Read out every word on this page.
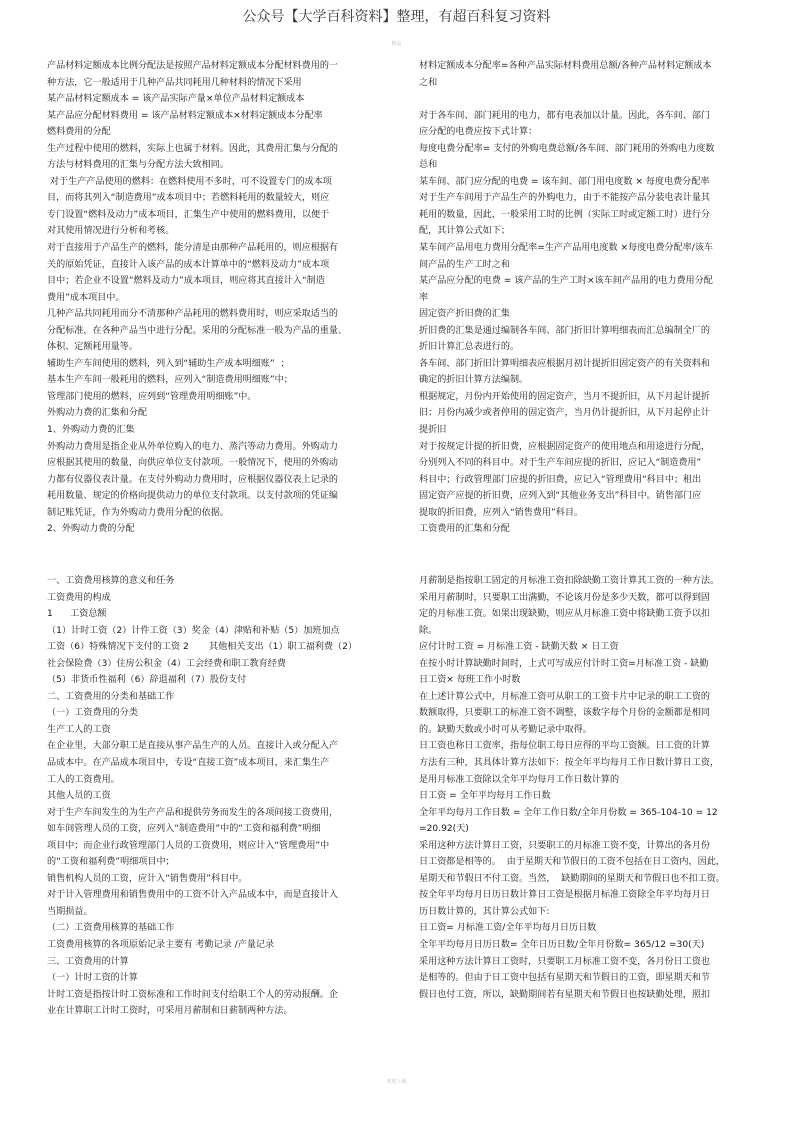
公众号【大学百科资料】整理，有超百科复习资料
精品
产品材料定额成本比例分配法是按照产品材料定额成本分配材料费用的一
种方法，它一般适用于几种产品共同耗用几种材料的情况下采用
某产品材料定额成本 = 该产品实际产量×单位产品材料定额成本
某产品应分配材料费用 = 该产品材料定额成本×材料定额成本分配率
燃料费用的分配
生产过程中使用的燃料，实际上也属于材料。因此，其费用汇集与分配的
方法与材料费用的汇集与分配方法大致相同。
对于生产产品使用的燃料：在燃料使用不多时，可不设置专门的成本项
目，而将其列入“制造费用”成本项目中；若燃料耗用的数量较大，则应
专门设置“燃料及动力”成本项目，汇集生产中使用的燃料费用，以便于
对其使用情况进行分析和考核。
对于直接用于产品生产的燃料，能分清是由那种产品耗用的，则应根据有
关的原始凭证，直接计入该产品的成本计算单中的“燃料及动力”成本项
目中；若企业不设置“燃料及动力”成本项目，则应将其直接计入“制造
费用”成本项目中。
几种产品共同耗用而分不清那种产品耗用的燃料费用时，则应采取适当的
分配标准，在各种产品当中进行分配。采用的分配标准一般为产品的重量、
体积、定额耗用量等。
辅助生产车间使用的燃料，列入到“辅助生产成本明细账”  ；
基本生产车间一般耗用的燃料，应列入“制造费用明细账”中；
管理部门使用的燃料，应列到“管理费用明细账”中。
外购动力费的汇集和分配
1、外购动力费的汇集
外购动力费用是指企业从外单位购入的电力、蒸汽等动力费用。外购动力
应根据其使用的数量，向供应单位支付款项。一般情况下，使用的外购动
力都有仪器仪表计量。在支付外购动力费用时，应根据仪器仪表上记录的
耗用数量、规定的价格向提供动力的单位支付款项。以支付款项的凭证编
制记账凭证，作为外购动力费用分配的依据。
2、外购动力费的分配
材料定额成本分配率=各种产品实际材料费用总额/各种产品材料定额成本
之和
对于各车间、部门耗用的电力，都有电表加以计量。因此，各车间、部门
应分配的电费应按下式计算：
每度电费分配率= 支付的外购电费总额/各车间、部门耗用的外购电力度数
总和
某车间、部门应分配的电费 = 该车间、部门用电度数 × 每度电费分配率
对于生产车间用于产品生产的外购电力，由于不能按产品分装电表计量其
耗用的数量，因此，一般采用工时的比例（实际工时或定额工时）进行分
配，其计算公式如下；
某车间产品用电力费用分配率=生产产品用电度数 ×每度电费分配率/该车
间产品的生产工时之和
某产品应分配的电费 = 该产品的生产工时×该车间产品用的电力费用分配
率
固定资产折旧费的汇集
折旧费的汇集是通过编制各车间、部门折旧计算明细表而汇总编制全厂的
折旧计算汇总表进行的。
各车间、部门折旧计算明细表应根据月初计提折旧固定资产的有关资料和
确定的折旧计算方法编制。
根据规定，月份内开始使用的固定资产，当月不提折旧，从下月起计提折
旧；月份内减少或者停用的固定资产，当月仍计提折旧，从下月起停止计
提折旧
对于按规定计提的折旧费，应根据固定资产的使用地点和用途进行分配，
分别列入不同的科目中。对于生产车间应提的折旧，应记入“制造费用”
科目中；行政管理部门应提的折旧费，应记入“管理费用“科目中；租出
固定资产应提的折旧费，应列入到“其他业务支出”科目中。销售部门应
提取的折旧费，应列入“销售费用”科目。
工资费用的汇集和分配
一、工资费用核算的意义和任务
工资费用的构成
1      工资总额
（1）计时工资（2）计件工资（3）奖金（4）津贴和补贴（5）加班加点
工资（6）特殊情况下支付的工资 2       其他相关支出（1）职工福利费（2）
社会保险费（3）住房公积金（4）工会经费和职工教育经费
（5）非货币性福利（6）辞退福利（7）股份支付
二、工资费用的分类和基础工作
（一）工资费用的分类
生产工人的工资
在企业里，大部分职工是直接从事产品生产的人员。直接计入或分配入产
品成本中。在产品成本项目中，专设“直接工资”成本项目，来汇集生产
工人的工资费用。
其他人员的工资
对于生产车间发生的为生产产品和提供劳务而发生的各项间接工资费用，
如车间管理人员的工资，应列入“制造费用”中的“工资和福利费”明细
项目中；而企业行政管理部门人员的工资费用，则应计入“管理费用”中
的“工资和福利费”明细项目中；
销售机构人员的工资，应计入“销售费用”科目中。
对于计入管理费用和销售费用中的工资不计入产品成本中，而是直接计入
当期损益。
（二）工资费用核算的基础工作
工资费用核算的各项原始记录主要有 考勤记录 /产量记录
三、工资费用的计算
（一）计时工资的计算
计时工资是指按计时工资标准和工作时间支付给职工个人的劳动报酬。企
业在计算职工计时工资时，可采用月薪制和日薪制两种方法。
月薪制是指按职工固定的月标准工资扣除缺勤工资计算其工资的一种方法。
采用月薪制时，只要职工出满勤，不论该月份是多少天数，都可以得到固
定的月标准工资。如果出现缺勤，则应从月标准工资中将缺勤工资予以扣
除。
应付计时工资 = 月标准工资 - 缺勤天数 × 日工资
在按小时计算缺勤时间时，上式可写成应付计时工资=月标准工资 - 缺勤
日工资× 每班工作小时数
在上述计算公式中，月标准工资可从职工的工资卡片中记录的职工工资的
数额取得，只要职工的标准工资不调整，该数字每个月份的金额都是相同
的。缺勤天数或小时可从考勤记录中取得。
日工资也称日工资率，指每位职工每日应得的平均工资额。日工资的计算
方法有三种，其具体计算方法如下：按全年平均每月工作日数计算日工资，
是用月标准工资除以全年平均每月工作日数计算的
日工资 = 全年平均每月工作日数
全年平均每月工作日数 = 全年工作日数/全年月份数 = 365-104-10 = 12
=20.92(天)
采用这种方法计算日工资，只要职工的月标准工资不变，计算出的各月份
日工资都是相等的。  由于星期天和节假日的工资不包括在日工资内，因此，
星期天和节假日不付工资。当然，  缺勤期间的星期天和节假日也不扣工资。
按全年平均每月日历日数计算日工资是根据月标准工资除全年平均每月日
历日数计算的，其计算公式如下:
日工资= 月标准工资/全年平均每月日历日数
全年平均每月日历日数= 全年日历日数/全年月份数= 365/12 =30(天)
采用这种方法计算日工资时，只要职工月标准工资不变，各月份日工资也
是相等的。但由于日工资中包括有星期天和节假日的工资，即星期天和节
假日也付工资，所以，缺勤期间若有星期天和节假日也按缺勤处理，照扣
欢迎下载
